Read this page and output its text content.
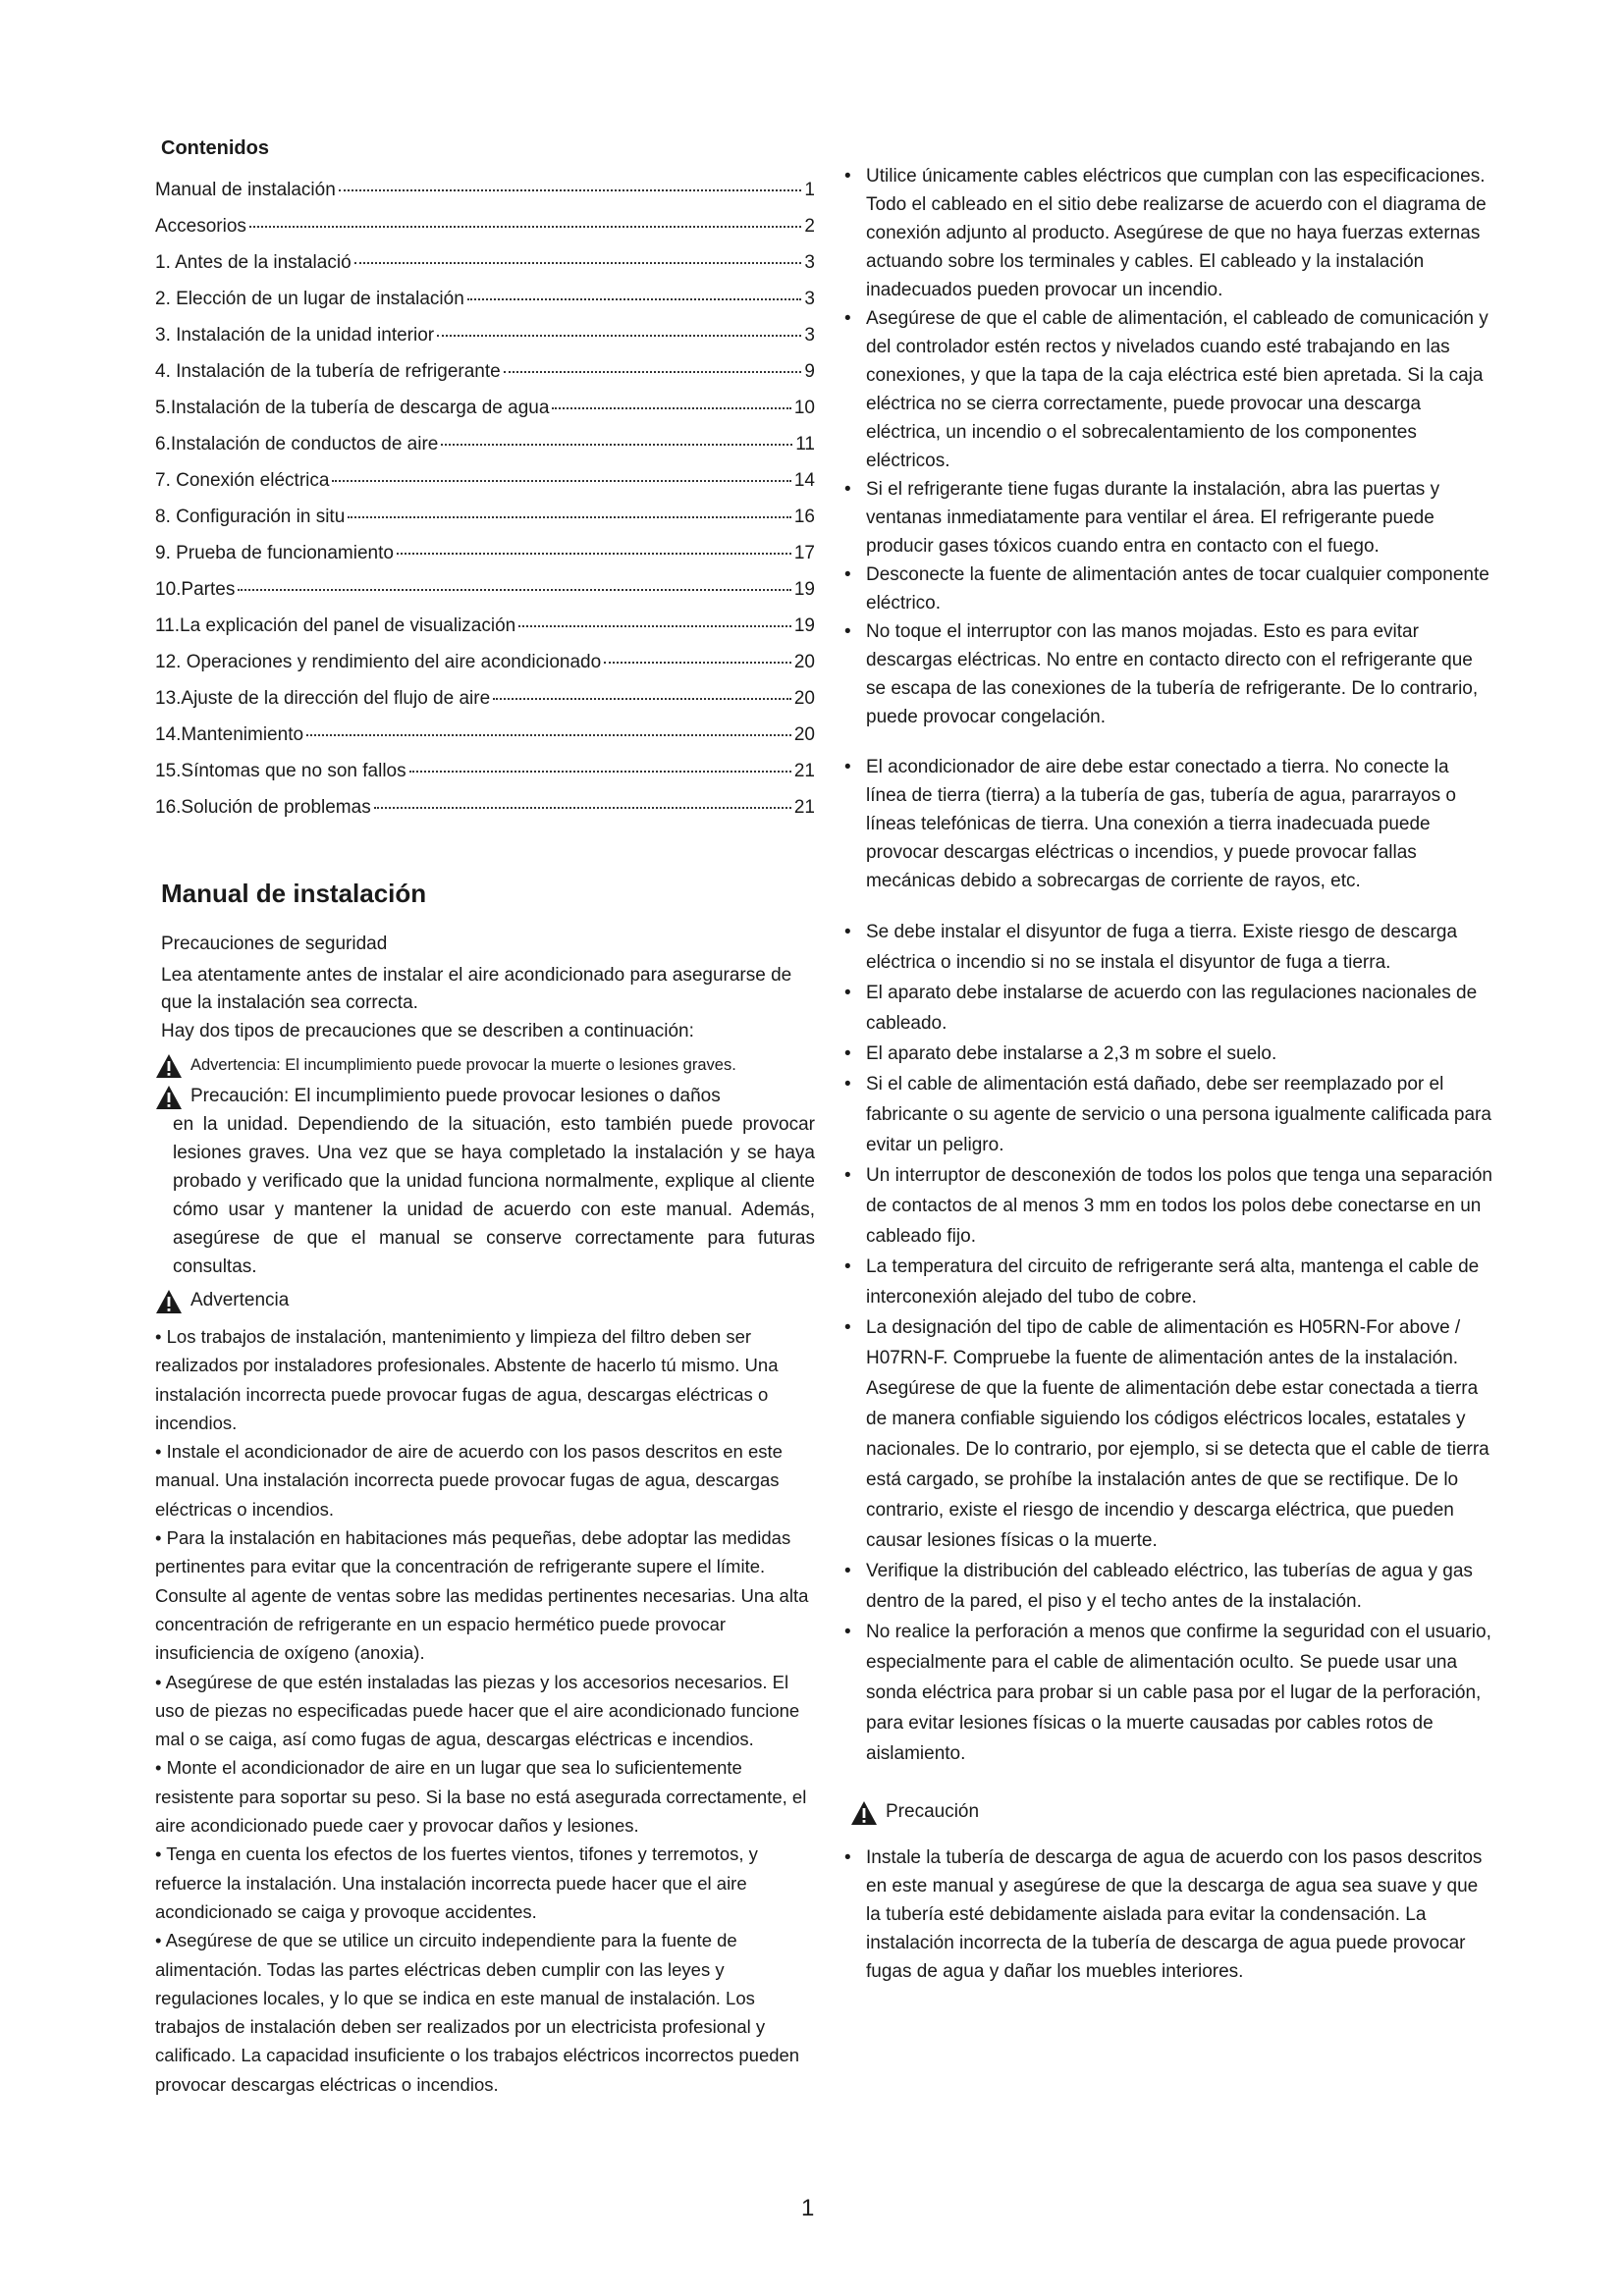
Contenidos
Manual de instalación	1
Accesorios	2
1. Antes de la instalació	3
2. Elección de un lugar de instalación	3
3. Instalación de la unidad interior	3
4. Instalación de la tubería de refrigerante	9
5.Instalación de la tubería de descarga de agua	10
6.Instalación de conductos de aire	11
7. Conexión eléctrica	14
8. Configuración in situ	16
9. Prueba de funcionamiento	17
10.Partes	19
11.La explicación del panel de visualización	19
12. Operaciones y rendimiento del aire acondicionado	20
13.Ajuste de la dirección del flujo de aire	20
14.Mantenimiento	20
15.Síntomas que no son fallos	21
16.Solución de problemas	21
Manual de instalación

Precauciones de seguridad

Lea atentamente antes de instalar el aire acondicionado para asegurarse de que la instalación sea correcta.

Hay dos tipos de precauciones que se describen a continuación:

Advertencia: El incumplimiento puede provocar la muerte o lesiones graves.
Precaución: El incumplimiento puede provocar lesiones o daños
en la unidad. Dependiendo de la situación, esto también puede provocar lesiones graves. Una vez que se haya completado la instalación y se haya probado y verificado que la unidad funciona normalmente, explique al cliente cómo usar y mantener la unidad de acuerdo con este manual. Además, asegúrese de que el manual se conserve correctamente para futuras consultas.
Advertencia

• Los trabajos de instalación, mantenimiento y limpieza del filtro deben ser realizados por instaladores profesionales. Abstente de hacerlo tú mismo. Una instalación incorrecta puede provocar fugas de agua, descargas eléctricas o incendios.

• Instale el acondicionador de aire de acuerdo con los pasos descritos en este manual. Una instalación incorrecta puede provocar fugas de agua, descargas eléctricas o incendios.

• Para la instalación en habitaciones más pequeñas, debe adoptar las medidas pertinentes para evitar que la concentración de refrigerante supere el límite. Consulte al agente de ventas sobre las medidas pertinentes necesarias. Una alta concentración de refrigerante en un espacio hermético puede provocar insuficiencia de oxígeno (anoxia).

• Asegúrese de que estén instaladas las piezas y los accesorios necesarios. El uso de piezas no especificadas puede hacer que el aire acondicionado funcione mal o se caiga, así como fugas de agua, descargas eléctricas e incendios.

• Monte el acondicionador de aire en un lugar que sea lo suficientemente resistente para soportar su peso. Si la base no está asegurada correctamente, el aire acondicionado puede caer y provocar daños y lesiones.

• Tenga en cuenta los efectos de los fuertes vientos, tifones y terremotos, y refuerce la instalación. Una instalación incorrecta puede hacer que el aire acondicionado se caiga y provoque accidentes.

• Asegúrese de que se utilice un circuito independiente para la fuente de alimentación. Todas las partes eléctricas deben cumplir con las leyes y regulaciones locales, y lo que se indica en este manual de instalación. Los trabajos de instalación deben ser realizados por un electricista profesional y calificado. La capacidad insuficiente o los trabajos eléctricos incorrectos pueden provocar descargas eléctricas o incendios.

• Utilice únicamente cables eléctricos que cumplan con las especificaciones. Todo el cableado en el sitio debe realizarse de acuerdo con el diagrama de conexión adjunto al producto. Asegúrese de que no haya fuerzas externas actuando sobre los terminales y cables. El cableado y la instalación inadecuados pueden provocar un incendio.

• Asegúrese de que el cable de alimentación, el cableado de comunicación y del controlador estén rectos y nivelados cuando esté trabajando en las conexiones, y que la tapa de la caja eléctrica esté bien apretada. Si la caja eléctrica no se cierra correctamente, puede provocar una descarga eléctrica, un incendio o el sobrecalentamiento de los componentes eléctricos.

• Si el refrigerante tiene fugas durante la instalación, abra las puertas y ventanas inmediatamente para ventilar el área. El refrigerante puede producir gases tóxicos cuando entra en contacto con el fuego.

• Desconecte la fuente de alimentación antes de tocar cualquier componente eléctrico.

• No toque el interruptor con las manos mojadas. Esto es para evitar descargas eléctricas. No entre en contacto directo con el refrigerante que se escapa de las conexiones de la tubería de refrigerante. De lo contrario, puede provocar congelación.

• El acondicionador de aire debe estar conectado a tierra. No conecte la línea de tierra (tierra) a la tubería de gas, tubería de agua, pararrayos o líneas telefónicas de tierra. Una conexión a tierra inadecuada puede provocar descargas eléctricas o incendios, y puede provocar fallas mecánicas debido a sobrecargas de corriente de rayos, etc.

• Se debe instalar el disyuntor de fuga a tierra. Existe riesgo de descarga eléctrica o incendio si no se instala el disyuntor de fuga a tierra.

• El aparato debe instalarse de acuerdo con las regulaciones nacionales de cableado.

• El aparato debe instalarse a 2,3 m sobre el suelo.

• Si el cable de alimentación está dañado, debe ser reemplazado por el fabricante o su agente de servicio o una persona igualmente calificada para evitar un peligro.

• Un interruptor de desconexión de todos los polos que tenga una separación de contactos de al menos 3 mm en todos los polos debe conectarse en un cableado fijo.

• La temperatura del circuito de refrigerante será alta, mantenga el cable de interconexión alejado del tubo de cobre.

• La designación del tipo de cable de alimentación es H05RN-For above / H07RN-F. Compruebe la fuente de alimentación antes de la instalación. Asegúrese de que la fuente de alimentación debe estar conectada a tierra de manera confiable siguiendo los códigos eléctricos locales, estatales y nacionales. De lo contrario, por ejemplo, si se detecta que el cable de tierra está cargado, se prohíbe la instalación antes de que se rectifique. De lo contrario, existe el riesgo de incendio y descarga eléctrica, que pueden causar lesiones físicas o la muerte.

• Verifique la distribución del cableado eléctrico, las tuberías de agua y gas dentro de la pared, el piso y el techo antes de la instalación.

• No realice la perforación a menos que confirme la seguridad con el usuario, especialmente para el cable de alimentación oculto. Se puede usar una sonda eléctrica para probar si un cable pasa por el lugar de la perforación, para evitar lesiones físicas o la muerte causadas por cables rotos de aislamiento.

Precaución

• Instale la tubería de descarga de agua de acuerdo con los pasos descritos en este manual y asegúrese de que la descarga de agua sea suave y que la tubería esté debidamente aislada para evitar la condensación. La instalación incorrecta de la tubería de descarga de agua puede provocar fugas de agua y dañar los muebles interiores.

1
